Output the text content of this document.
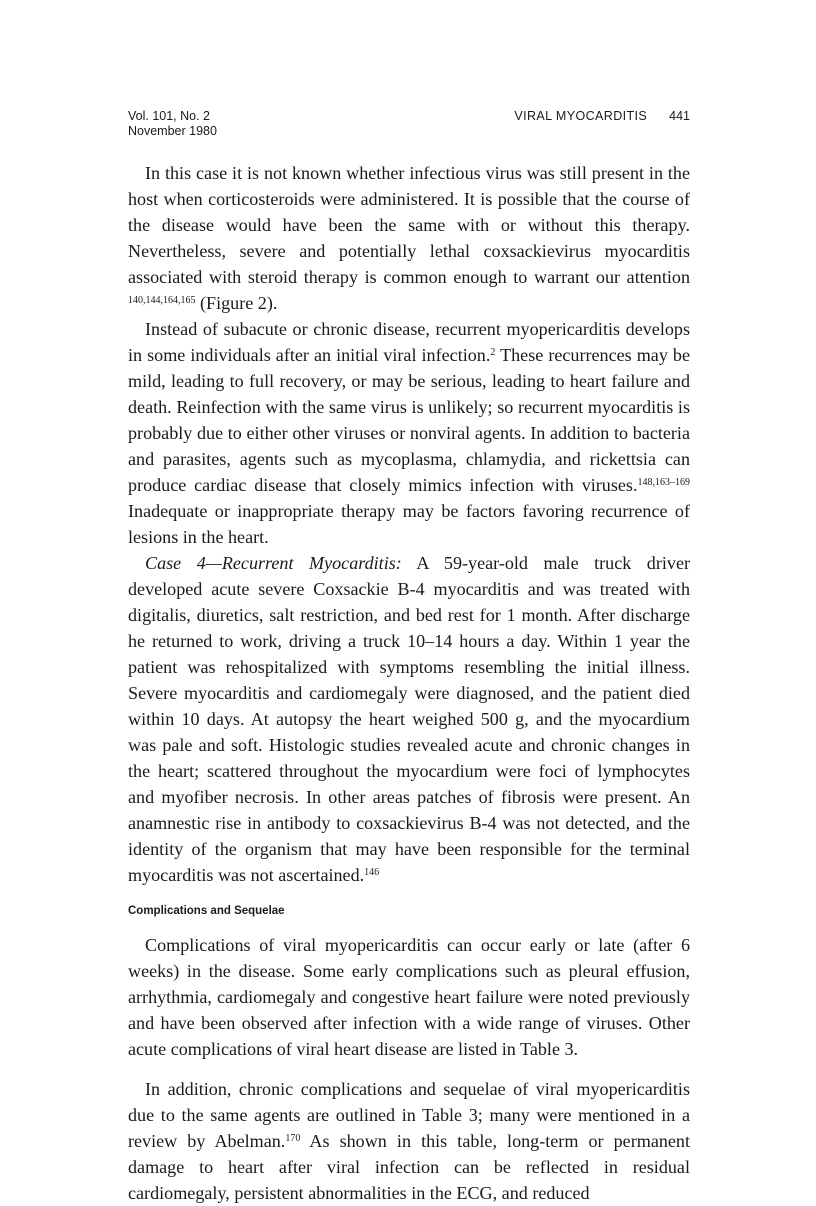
Vol. 101, No. 2
November 1980
VIRAL MYOCARDITIS 441

In this case it is not known whether infectious virus was still present in the host when corticosteroids were administered. It is possible that the course of the disease would have been the same with or without this therapy. Nevertheless, severe and potentially lethal coxsackievirus myocarditis associated with steroid therapy is common enough to warrant our attention $^{140,144,164,165}$ (Figure 2).

Instead of subacute or chronic disease, recurrent myopericarditis develops in some individuals after an initial viral infection.$^2$ These recurrences may be mild, leading to full recovery, or may be serious, leading to heart failure and death. Reinfection with the same virus is unlikely; so recurrent myocarditis is probably due to either other viruses or nonviral agents. In addition to bacteria and parasites, agents such as mycoplasma, chlamydia, and rickettsia can produce cardiac disease that closely mimics infection with viruses.$^{148,163-169}$ Inadequate or inappropriate therapy may be factors favoring recurrence of lesions in the heart.

Case 4—Recurrent Myocarditis: A 59-year-old male truck driver developed acute severe Coxsackie B-4 myocarditis and was treated with digitalis, diuretics, salt restriction, and bed rest for 1 month. After discharge he returned to work, driving a truck 10–14 hours a day. Within 1 year the patient was rehospitalized with symptoms resembling the initial illness. Severe myocarditis and cardiomegaly were diagnosed, and the patient died within 10 days. At autopsy the heart weighed 500 g, and the myocardium was pale and soft. Histologic studies revealed acute and chronic changes in the heart; scattered throughout the myocardium were foci of lymphocytes and myofiber necrosis. In other areas patches of fibrosis were present. An anamnestic rise in antibody to coxsackievirus B-4 was not detected, and the identity of the organism that may have been responsible for the terminal myocarditis was not ascertained.$^{146}$

Complications and Sequelae

Complications of viral myopericarditis can occur early or late (after 6 weeks) in the disease. Some early complications such as pleural effusion, arrhythmia, cardiomegaly and congestive heart failure were noted previously and have been observed after infection with a wide range of viruses. Other acute complications of viral heart disease are listed in Table 3.

In addition, chronic complications and sequelae of viral myopericarditis due to the same agents are outlined in Table 3; many were mentioned in a review by Abelman.$^{170}$ As shown in this table, long-term or permanent damage to heart after viral infection can be reflected in residual cardiomegaly, persistent abnormalities in the ECG, and reduced
